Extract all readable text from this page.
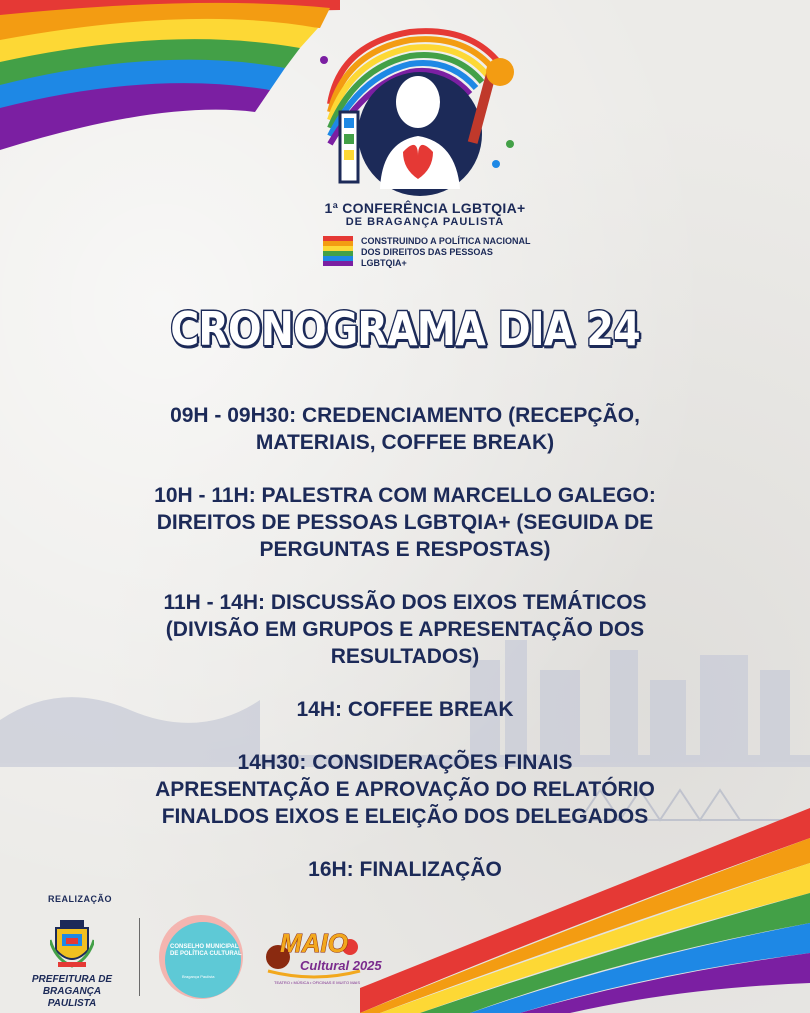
1ª CONFERÊNCIA LGBTQIA+
DE BRAGANÇA PAULISTA
CONSTRUINDO A POLÍTICA NACIONAL DOS DIREITOS DAS PESSOAS LGBTQIA+
CRONOGRAMA DIA 24
09H - 09H30: CREDENCIAMENTO (RECEPÇÃO,
MATERIAIS, COFFEE BREAK)
10H - 11H: PALESTRA COM MARCELLO GALEGO:
DIREITOS DE PESSOAS LGBTQIA+ (SEGUIDA DE
PERGUNTAS E RESPOSTAS)
11H - 14H: DISCUSSÃO DOS EIXOS TEMÁTICOS
(DIVISÃO EM GRUPOS E APRESENTAÇÃO DOS
RESULTADOS)
14H: COFFEE BREAK
14H30: CONSIDERAÇÕES FINAIS
APRESENTAÇÃO E APROVAÇÃO DO RELATÓRIO
FINALDOS EIXOS E ELEIÇÃO DOS DELEGADOS
16H: FINALIZAÇÃO
REALIZAÇÃO
PREFEITURA DE BRAGANÇA PAULISTA
CONSELHO MUNICIPAL DE POLÍTICA CULTURAL
Bragança Paulista
MAIO
Cultural 2025
TEATRO • MÚSICA • OFICINAS E MUITO MAIS
